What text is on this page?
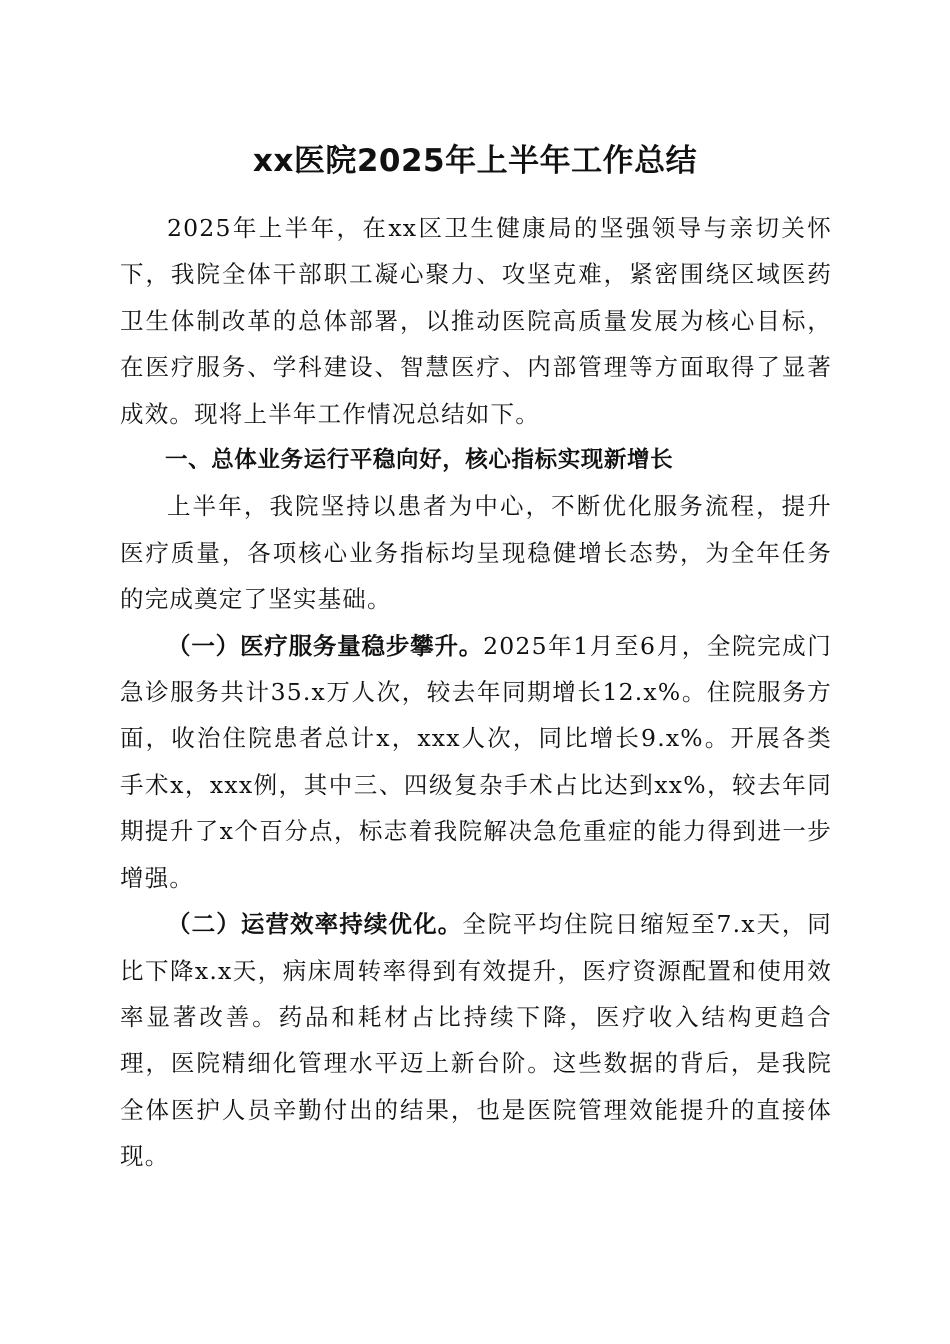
xx医院2025年上半年工作总结

2025年上半年，在xx区卫生健康局的坚强领导与亲切关怀下，我院全体干部职工凝心聚力、攻坚克难，紧密围绕区域医药卫生体制改革的总体部署，以推动医院高质量发展为核心目标，在医疗服务、学科建设、智慧医疗、内部管理等方面取得了显著成效。现将上半年工作情况总结如下。

一、总体业务运行平稳向好，核心指标实现新增长

上半年，我院坚持以患者为中心，不断优化服务流程，提升医疗质量，各项核心业务指标均呈现稳健增长态势，为全年任务的完成奠定了坚实基础。

（一）医疗服务量稳步攀升。2025年1月至6月，全院完成门急诊服务共计35.x万人次，较去年同期增长12.x%。住院服务方面，收治住院患者总计x，xxx人次，同比增长9.x%。开展各类手术x，xxx例，其中三、四级复杂手术占比达到xx%，较去年同期提升了x个百分点，标志着我院解决急危重症的能力得到进一步增强。

（二）运营效率持续优化。全院平均住院日缩短至7.x天，同比下降x.x天，病床周转率得到有效提升，医疗资源配置和使用效率显著改善。药品和耗材占比持续下降，医疗收入结构更趋合理，医院精细化管理水平迈上新台阶。这些数据的背后，是我院全体医护人员辛勤付出的结果，也是医院管理效能提升的直接体现。
